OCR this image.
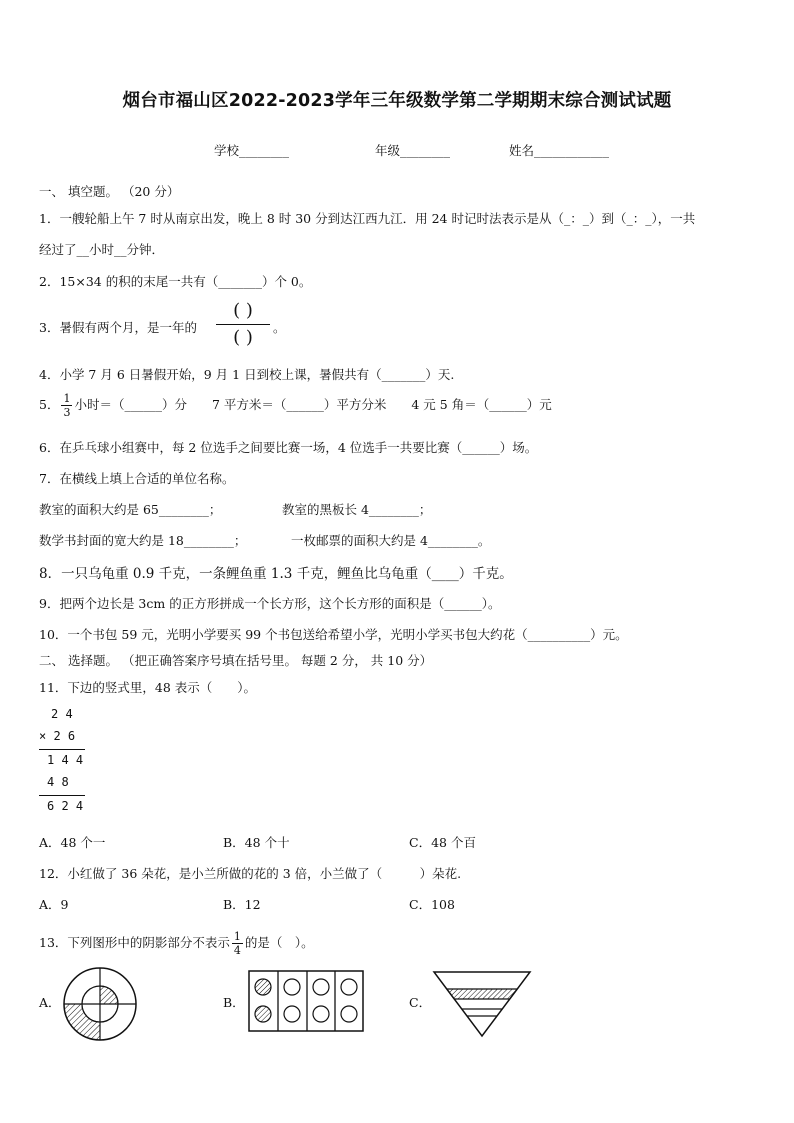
烟台市福山区2022-2023学年三年级数学第二学期期末综合测试试题
学校________	年级________	姓名____________
一、 填空题。 （20 分）
1．一艘轮船上午 7 时从南京出发，晚上 8 时 30 分到达江西九江．用 24 时记时法表示是从（_：_）到（_：_），一共
经过了__小时__分钟．
2．15×34 的积的末尾一共有（_______）个 0。
3．暑假有两个月，是一年的
( )
( )	。
4．小学 7 月 6 日暑假开始，9 月 1 日到校上课，暑假共有（_______）天.
5． $\frac{1}{3}$ 小时＝（______）分　　7 平方米＝（______）平方分米　　4 元 5 角＝（______）元
6．在乒乓球小组赛中，每 2 位选手之间要比赛一场，4 位选手一共要比赛（______）场。
7．在横线上填上合适的单位名称。
教室的面积大约是 65________；	教室的黑板长 4________；
数学书封面的宽大约是 18________；	一枚邮票的面积大约是 4________。
8．一只乌龟重 0.9 千克，一条鲤鱼重 1.3 千克，鲤鱼比乌龟重（____）千克。
9．把两个边长是 3cm 的正方形拼成一个长方形，这个长方形的面积是（______）。
10．一个书包 59 元，光明小学要买 99 个书包送给希望小学，光明小学买书包大约花（__________）元。
二、 选择题。 （把正确答案序号填在括号里。 每题 2 分， 共 10 分）
11．下边的竖式里，48 表示（　　）。
2 4
× 2 6
1 4 4
4 8
6 2 4
A．48 个一	B．48 个十	C．48 个百
12．小红做了 36 朵花，是小兰所做的花的 3 倍，小兰做了（　　　）朵花.
A．9	B．12	C．108
13．下列图形中的阴影部分不表示 $\frac{1}{4}$ 的是（　）。
A．	B．	C．
